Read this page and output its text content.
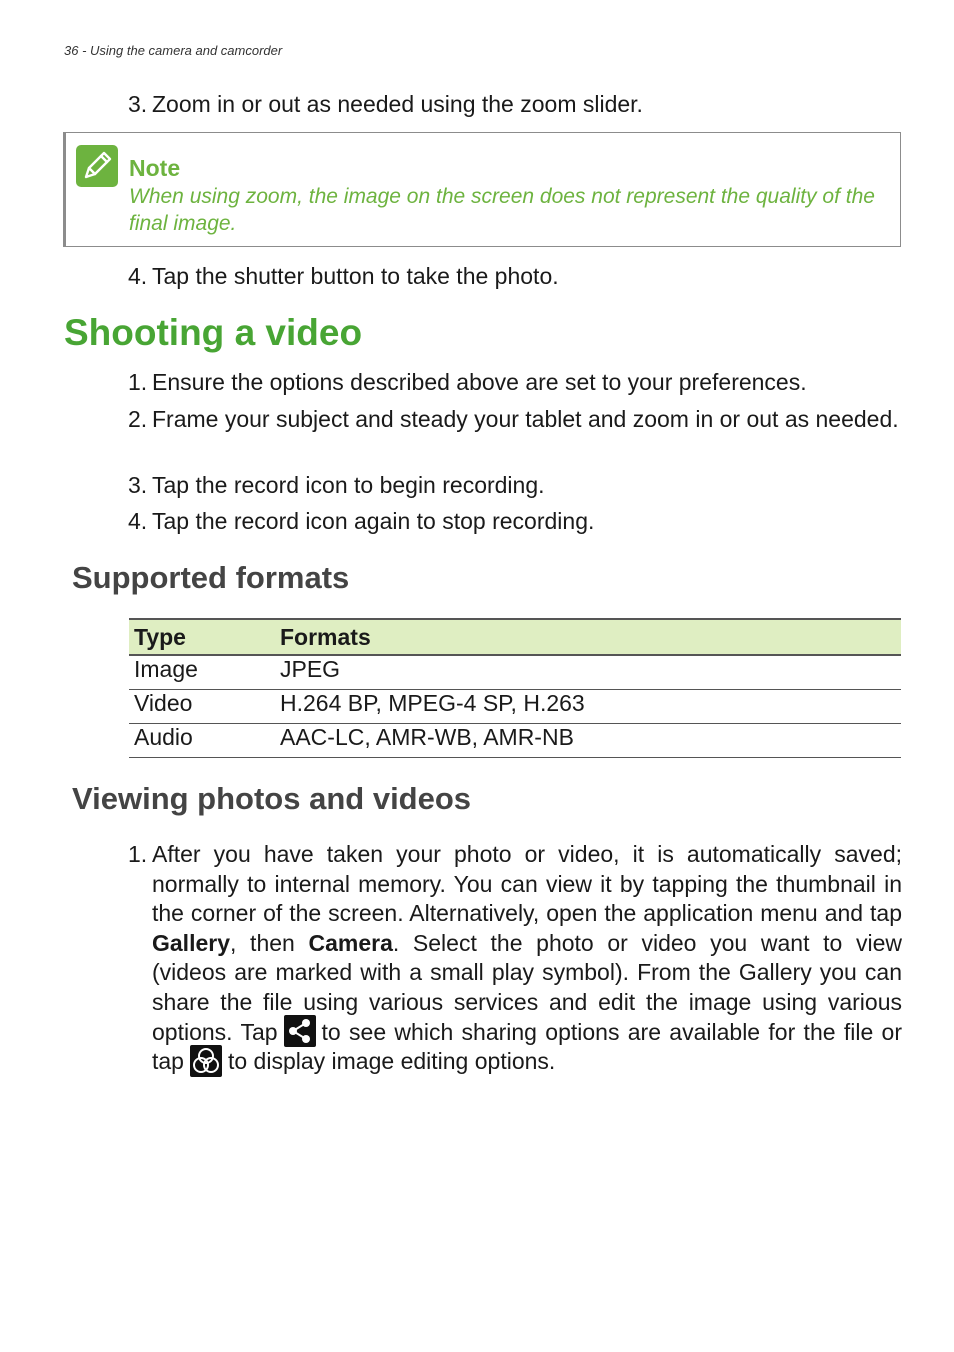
36 - Using the camera and camcorder
3. Zoom in or out as needed using the zoom slider.
Note
When using zoom, the image on the screen does not represent the quality of the final image.
4. Tap the shutter button to take the photo.
Shooting a video
1. Ensure the options described above are set to your preferences.
2. Frame your subject and steady your tablet and zoom in or out as needed.
3. Tap the record icon to begin recording.
4. Tap the record icon again to stop recording.
Supported formats
Type	Formats
Image	JPEG
Video	H.264 BP, MPEG-4 SP, H.263
Audio	AAC-LC, AMR-WB, AMR-NB
Viewing photos and videos
1. After you have taken your photo or video, it is automatically saved; normally to internal memory. You can view it by tapping the thumbnail in the corner of the screen. Alternatively, open the application menu and tap Gallery, then Camera. Select the photo or video you want to view (videos are marked with a small play symbol). From the Gallery you can share the file using various services and edit the image using various options. Tap to see which sharing options are available for the file or tap to display image editing options.
